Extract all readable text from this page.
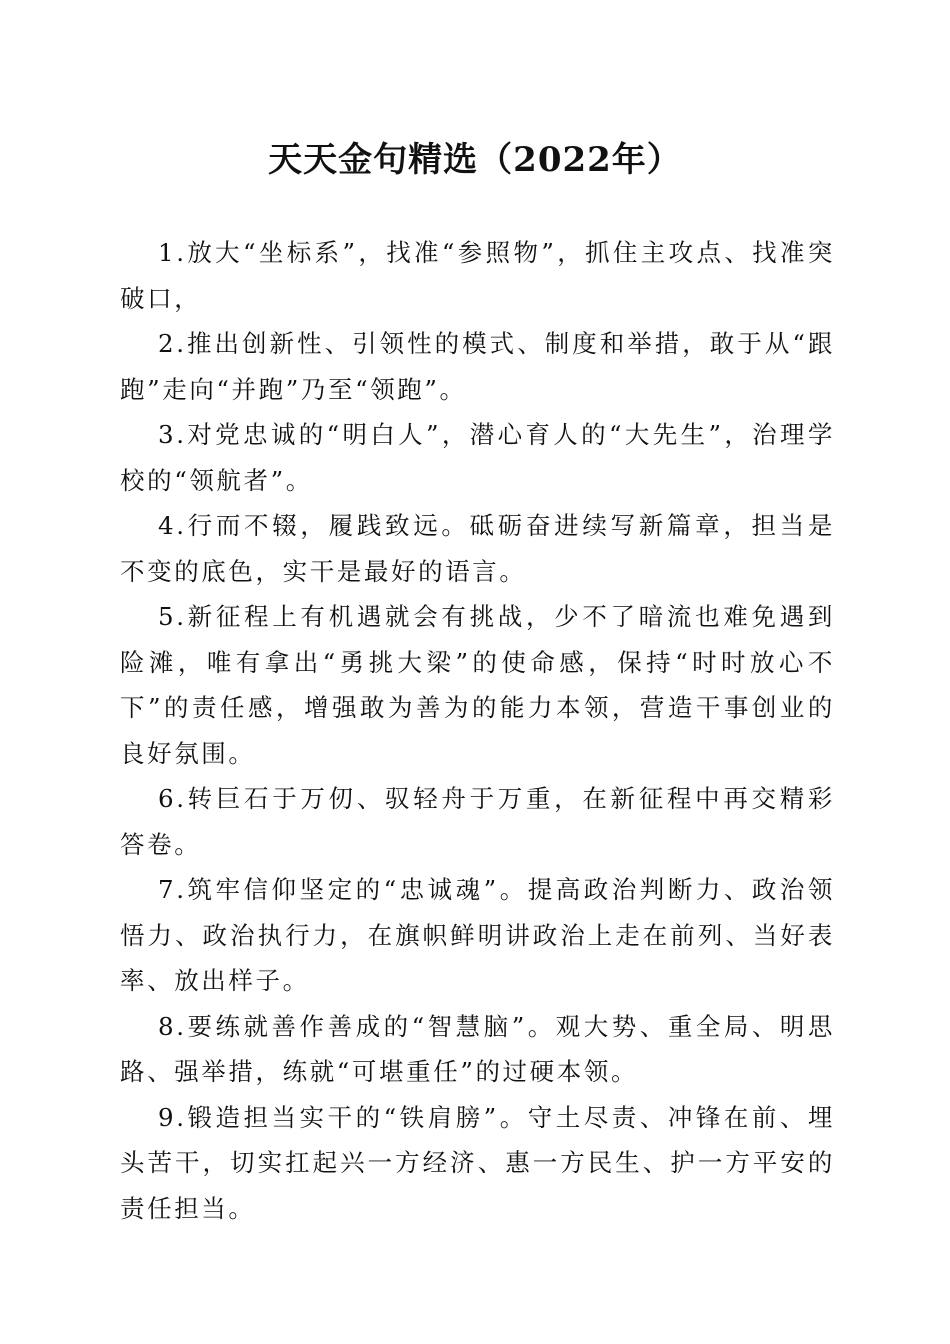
天天金句精选（2022年）

1.放大“坐标系”，找准“参照物”，抓住主攻点、找准突破口，

2.推出创新性、引领性的模式、制度和举措，敢于从“跟跑”走向“并跑”乃至“领跑”。

3.对党忠诚的“明白人”，潜心育人的“大先生”，治理学校的“领航者”。

4.行而不辍，履践致远。砥砺奋进续写新篇章，担当是不变的底色，实干是最好的语言。

5.新征程上有机遇就会有挑战，少不了暗流也难免遇到险滩，唯有拿出“勇挑大梁”的使命感，保持“时时放心不下”的责任感，增强敢为善为的能力本领，营造干事创业的良好氛围。

6.转巨石于万仞、驭轻舟于万重，在新征程中再交精彩答卷。

7.筑牢信仰坚定的“忠诚魂”。提高政治判断力、政治领悟力、政治执行力，在旗帜鲜明讲政治上走在前列、当好表率、放出样子。

8.要练就善作善成的“智慧脑”。观大势、重全局、明思路、强举措，练就“可堪重任”的过硬本领。

9.锻造担当实干的“铁肩膀”。守土尽责、冲锋在前、埋头苦干，切实扛起兴一方经济、惠一方民生、护一方平安的责任担当。
